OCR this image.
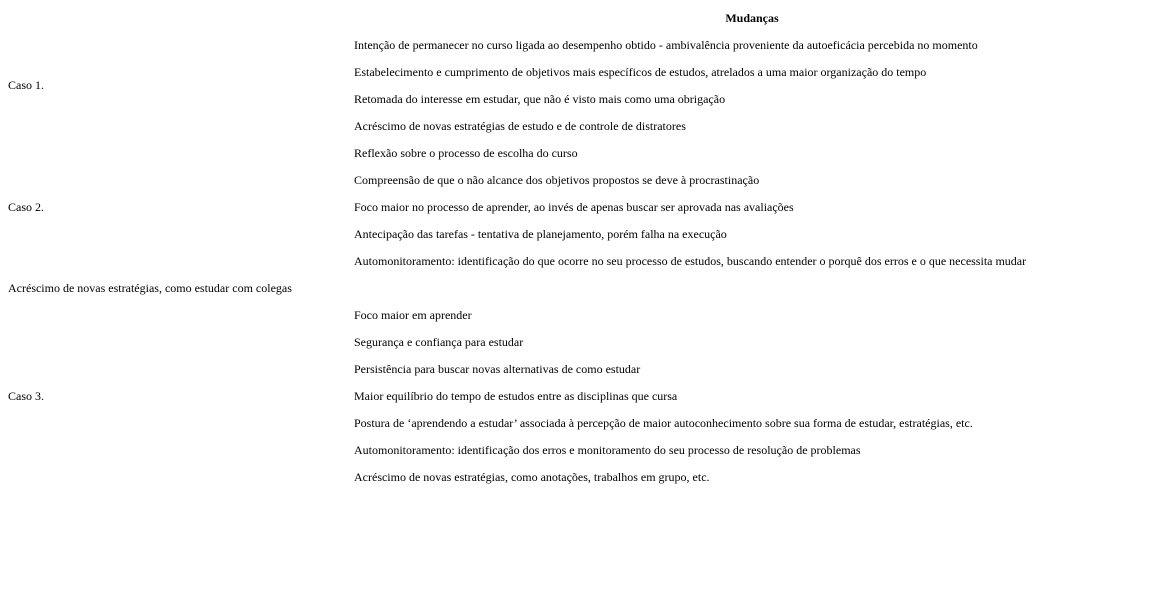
Mudanças
Caso 1.
Intenção de permanecer no curso ligada ao desempenho obtido - ambivalência proveniente da autoeficácia percebida no momento
Estabelecimento e cumprimento de objetivos mais específicos de estudos, atrelados a uma maior organização do tempo
Retomada do interesse em estudar, que não é visto mais como uma obrigação
Acréscimo de novas estratégias de estudo e de controle de distratores
Caso 2.
Reflexão sobre o processo de escolha do curso
Compreensão de que o não alcance dos objetivos propostos se deve à procrastinação
Foco maior no processo de aprender, ao invés de apenas buscar ser aprovada nas avaliações
Antecipação das tarefas - tentativa de planejamento, porém falha na execução
Automonitoramento: identificação do que ocorre no seu processo de estudos, buscando entender o porquê dos erros e o que necessita mudar
Acréscimo de novas estratégias, como estudar com colegas
Caso 3.
Foco maior em aprender
Segurança e confiança para estudar
Persistência para buscar novas alternativas de como estudar
Maior equilíbrio do tempo de estudos entre as disciplinas que cursa
Postura de ‘aprendendo a estudar’ associada à percepção de maior autoconhecimento sobre sua forma de estudar, estratégias, etc.
Automonitoramento: identificação dos erros e monitoramento do seu processo de resolução de problemas
Acréscimo de novas estratégias, como anotações, trabalhos em grupo, etc.
